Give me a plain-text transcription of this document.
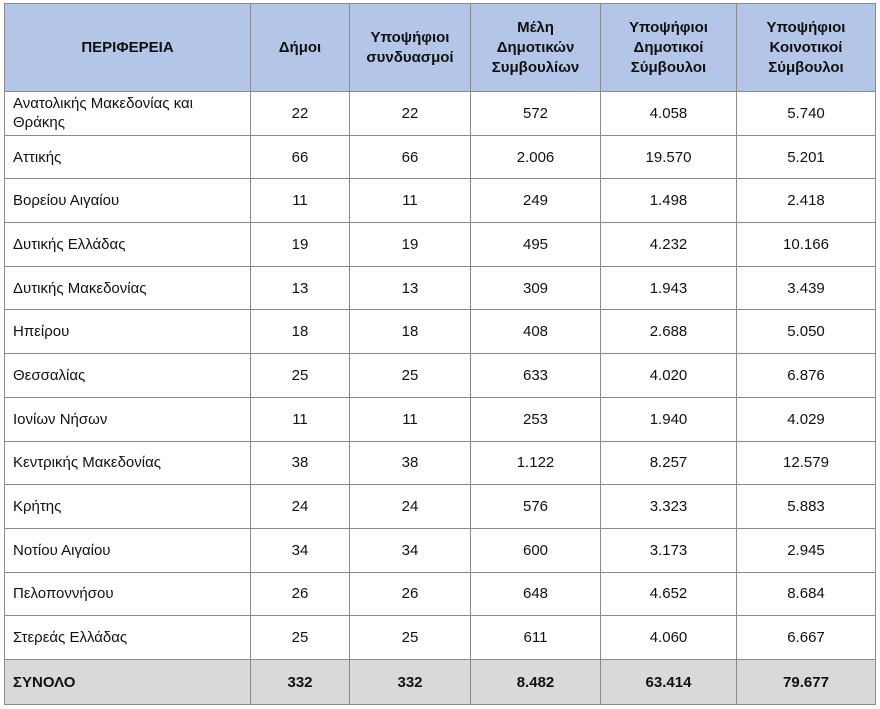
ΠΕΡΙΦΕΡΕΙΑ	Δήμοι	Υποψήφιοι συνδυασμοί	Μέλη Δημοτικών Συμβουλίων	Υποψήφιοι Δημοτικοί Σύμβουλοι	Υποψήφιοι Κοινοτικοί Σύμβουλοι
Ανατολικής Μακεδονίας και Θράκης	22	22	572	4.058	5.740
Αττικής	66	66	2.006	19.570	5.201
Βορείου Αιγαίου	11	11	249	1.498	2.418
Δυτικής Ελλάδας	19	19	495	4.232	10.166
Δυτικής Μακεδονίας	13	13	309	1.943	3.439
Ηπείρου	18	18	408	2.688	5.050
Θεσσαλίας	25	25	633	4.020	6.876
Ιονίων Νήσων	11	11	253	1.940	4.029
Κεντρικής Μακεδονίας	38	38	1.122	8.257	12.579
Κρήτης	24	24	576	3.323	5.883
Νοτίου Αιγαίου	34	34	600	3.173	2.945
Πελοποννήσου	26	26	648	4.652	8.684
Στερεάς Ελλάδας	25	25	611	4.060	6.667
ΣΥΝΟΛΟ	332	332	8.482	63.414	79.677
